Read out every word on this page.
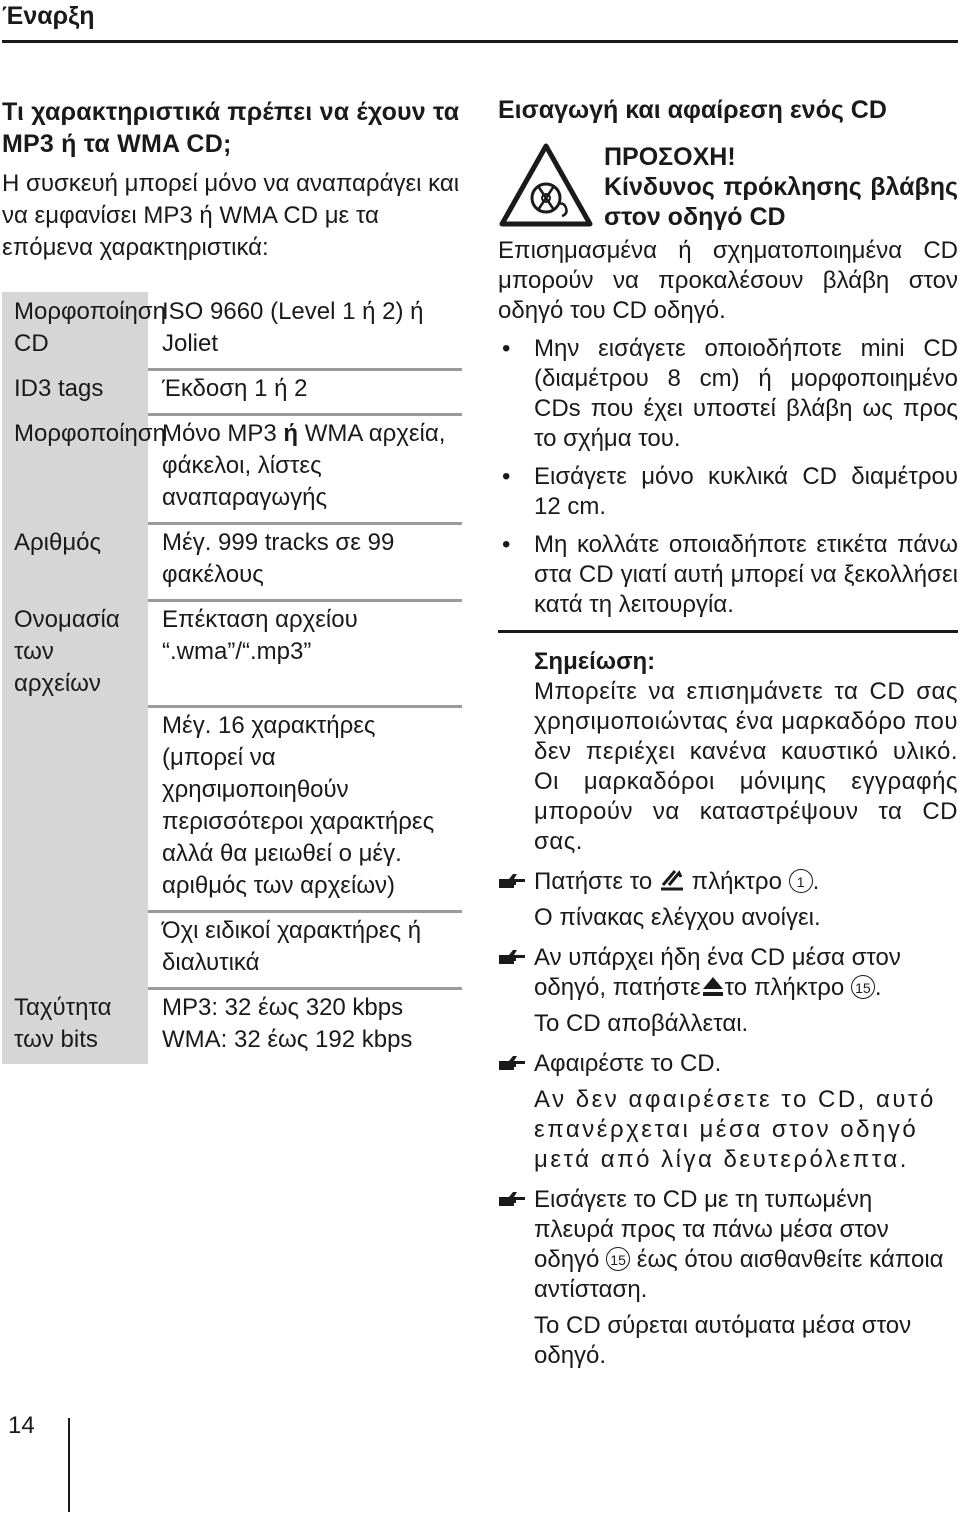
Έναρξη
Τι χαρακτηριστικά πρέπει να έχουν τα
MP3 ή τα WMA CD;
Η συσκευή μπορεί μόνο να αναπαράγει και να εμφανίσει MP3 ή WMA CD με τα επόμενα χαρακτηριστικά:
Μορφοποίηση CD
ISO 9660 (Level 1 ή 2) ή Joliet
ID3 tags	Έκδοση 1 ή 2
Μορφοποίηση
Μόνο MP3 ή WMA αρχεία, φάκελοι, λίστες αναπαραγωγής
Αριθμός	Μέγ. 999 tracks σε 99 φακέλους
Ονομασία των αρχείων
Επέκταση αρχείου “.wma”/“.mp3”
Μέγ. 16 χαρακτήρες (μπορεί να χρησιμοποιηθούν περισσότεροι χαρακτήρες αλλά θα μειωθεί ο μέγ. αριθμός των αρχείων)
Όχι ειδικοί χαρακτήρες ή διαλυτικά
Ταχύτητα των bits
MP3: 32 έως 320 kbps
WMA: 32 έως 192 kbps
14
Εισαγωγή και αφαίρεση ενός CD
ΠΡΟΣΟΧΗ!
Κίνδυνος πρόκλησης βλάβης στον οδηγό CD
Επισημασμένα ή σχηματοποιημένα CD μπορούν να προκαλέσουν βλάβη στον οδηγό του CD οδηγό.
• Μην εισάγετε οποιοδήποτε mini CD (διαμέτρου 8 cm) ή μορφοποιημένο CDs που έχει υποστεί βλάβη ως προς το σχήμα του.
• Εισάγετε μόνο κυκλικά CD διαμέτρου 12 cm.
• Μη κολλάτε οποιαδήποτε ετικέτα πάνω στα CD γιατί αυτή μπορεί να ξεκολλήσει κατά τη λειτουργία.
Σημείωση:
Μπορείτε να επισημάνετε τα CD σας χρησιμοποιώντας ένα μαρκαδόρο που δεν περιέχει κανένα καυστικό υλικό. Οι μαρκαδόροι μόνιμης εγγραφής μπορούν να καταστρέψουν τα CD σας.
Πατήστε το  πλήκτρο 1 .
Ο πίνακας ελέγχου ανοίγει.
Αν υπάρχει ήδη ένα CD μέσα στον οδηγό, πατήστε το πλήκτρο 15 .
Το CD αποβάλλεται.
Αφαιρέστε το CD.
Αν δεν αφαιρέσετε το CD, αυτό επανέρχεται μέσα στον οδηγό μετά από λίγα δευτερόλεπτα.
Εισάγετε το CD με τη τυπωμένη πλευρά προς τα πάνω μέσα στον οδηγό 15 έως ότου αισθανθείτε κάποια αντίσταση.
Το CD σύρεται αυτόματα μέσα στον οδηγό.
